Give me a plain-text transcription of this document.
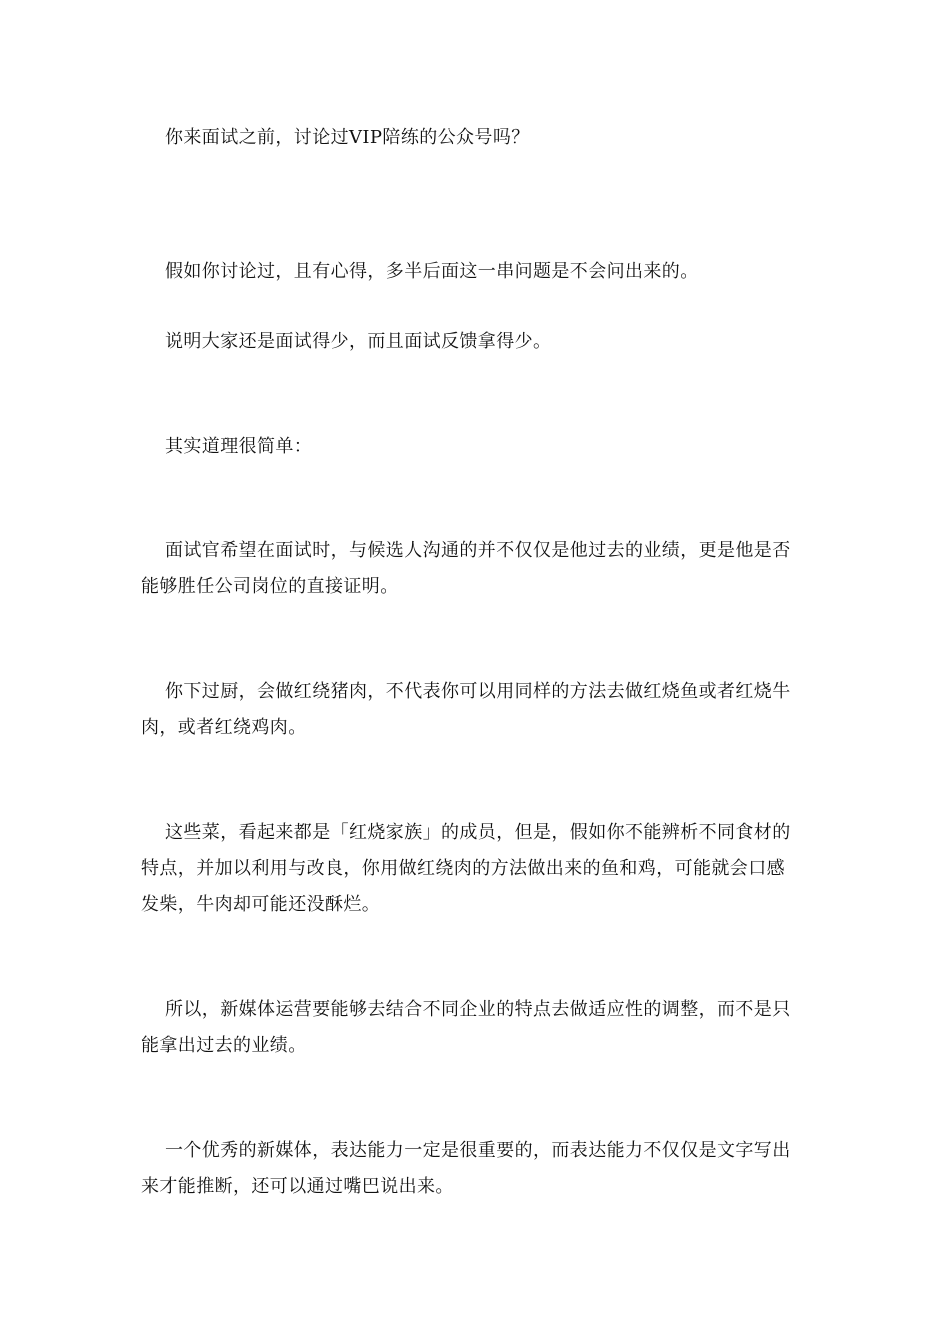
你来面试之前，讨论过VIP陪练的公众号吗？

假如你讨论过，且有心得，多半后面这一串问题是不会问出来的。

说明大家还是面试得少，而且面试反馈拿得少。

其实道理很简单：

面试官希望在面试时，与候选人沟通的并不仅仅是他过去的业绩，更是他是否能够胜任公司岗位的直接证明。

你下过厨，会做红绕猪肉，不代表你可以用同样的方法去做红烧鱼或者红烧牛肉，或者红绕鸡肉。

这些菜，看起来都是「红烧家族」的成员，但是，假如你不能辨析不同食材的特点，并加以利用与改良，你用做红绕肉的方法做出来的鱼和鸡，可能就会口感发柴，牛肉却可能还没酥烂。

所以，新媒体运营要能够去结合不同企业的特点去做适应性的调整，而不是只能拿出过去的业绩。

一个优秀的新媒体，表达能力一定是很重要的，而表达能力不仅仅是文字写出来才能推断，还可以通过嘴巴说出来。
